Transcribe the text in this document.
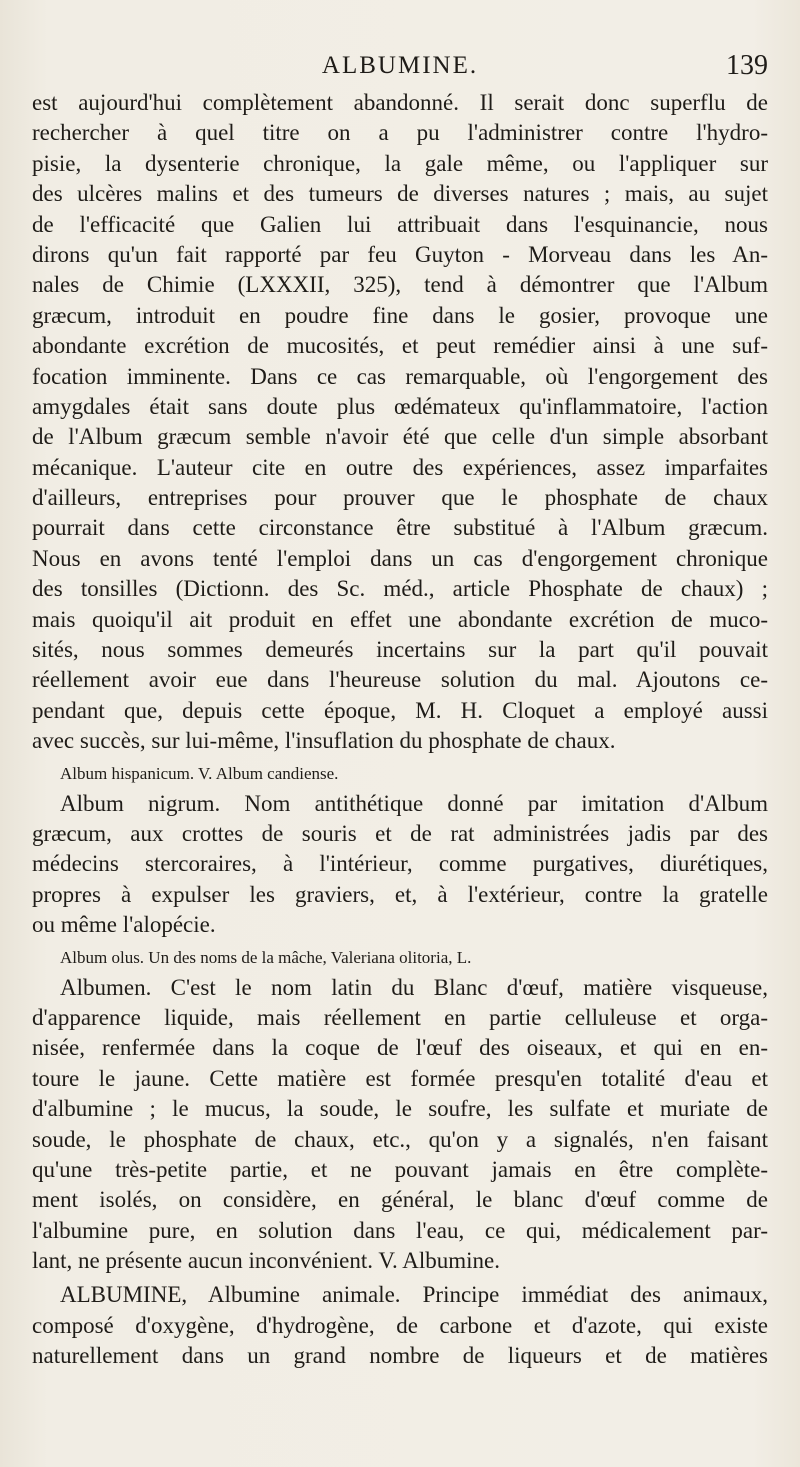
ALBUMINE.	139
est aujourd'hui complètement abandonné. Il serait donc superflu de
rechercher à quel titre on a pu l'administrer contre l'hydro-
pisie, la dysenterie chronique, la gale même, ou l'appliquer sur
des ulcères malins et des tumeurs de diverses natures ; mais, au sujet
de l'efficacité que Galien lui attribuait dans l'esquinancie, nous
dirons qu'un fait rapporté par feu Guyton - Morveau dans les An-
nales de Chimie (LXXXII, 325), tend à démontrer que l'Album
græcum, introduit en poudre fine dans le gosier, provoque une
abondante excrétion de mucosités, et peut remédier ainsi à une suf-
focation imminente. Dans ce cas remarquable, où l'engorgement des
amygdales était sans doute plus œdémateux qu'inflammatoire, l'action
de l'Album græcum semble n'avoir été que celle d'un simple absorbant
mécanique. L'auteur cite en outre des expériences, assez imparfaites
d'ailleurs, entreprises pour prouver que le phosphate de chaux
pourrait dans cette circonstance être substitué à l'Album græcum.
Nous en avons tenté l'emploi dans un cas d'engorgement chronique
des tonsilles (Dictionn. des Sc. méd., article Phosphate de chaux) ;
mais quoiqu'il ait produit en effet une abondante excrétion de muco-
sités, nous sommes demeurés incertains sur la part qu'il pouvait
réellement avoir eue dans l'heureuse solution du mal. Ajoutons ce-
pendant que, depuis cette époque, M. H. Cloquet a employé aussi
avec succès, sur lui-même, l'insuflation du phosphate de chaux.
Album hispanicum. V. Album candiense.
Album nigrum. Nom antithétique donné par imitation d'Album
græcum, aux crottes de souris et de rat administrées jadis par des
médecins stercoraires, à l'intérieur, comme purgatives, diurétiques,
propres à expulser les graviers, et, à l'extérieur, contre la gratelle
ou même l'alopécie.
Album olus. Un des noms de la mâche, Valeriana olitoria, L.
Albumen. C'est le nom latin du Blanc d'œuf, matière visqueuse,
d'apparence liquide, mais réellement en partie celluleuse et orga-
nisée, renfermée dans la coque de l'œuf des oiseaux, et qui en en-
toure le jaune. Cette matière est formée presqu'en totalité d'eau et
d'albumine ; le mucus, la soude, le soufre, les sulfate et muriate de
soude, le phosphate de chaux, etc., qu'on y a signalés, n'en faisant
qu'une très-petite partie, et ne pouvant jamais en être complète-
ment isolés, on considère, en général, le blanc d'œuf comme de
l'albumine pure, en solution dans l'eau, ce qui, médicalement par-
lant, ne présente aucun inconvénient. V. Albumine.
ALBUMINE, Albumine animale. Principe immédiat des animaux,
composé d'oxygène, d'hydrogène, de carbone et d'azote, qui existe
naturellement dans un grand nombre de liqueurs et de matières
